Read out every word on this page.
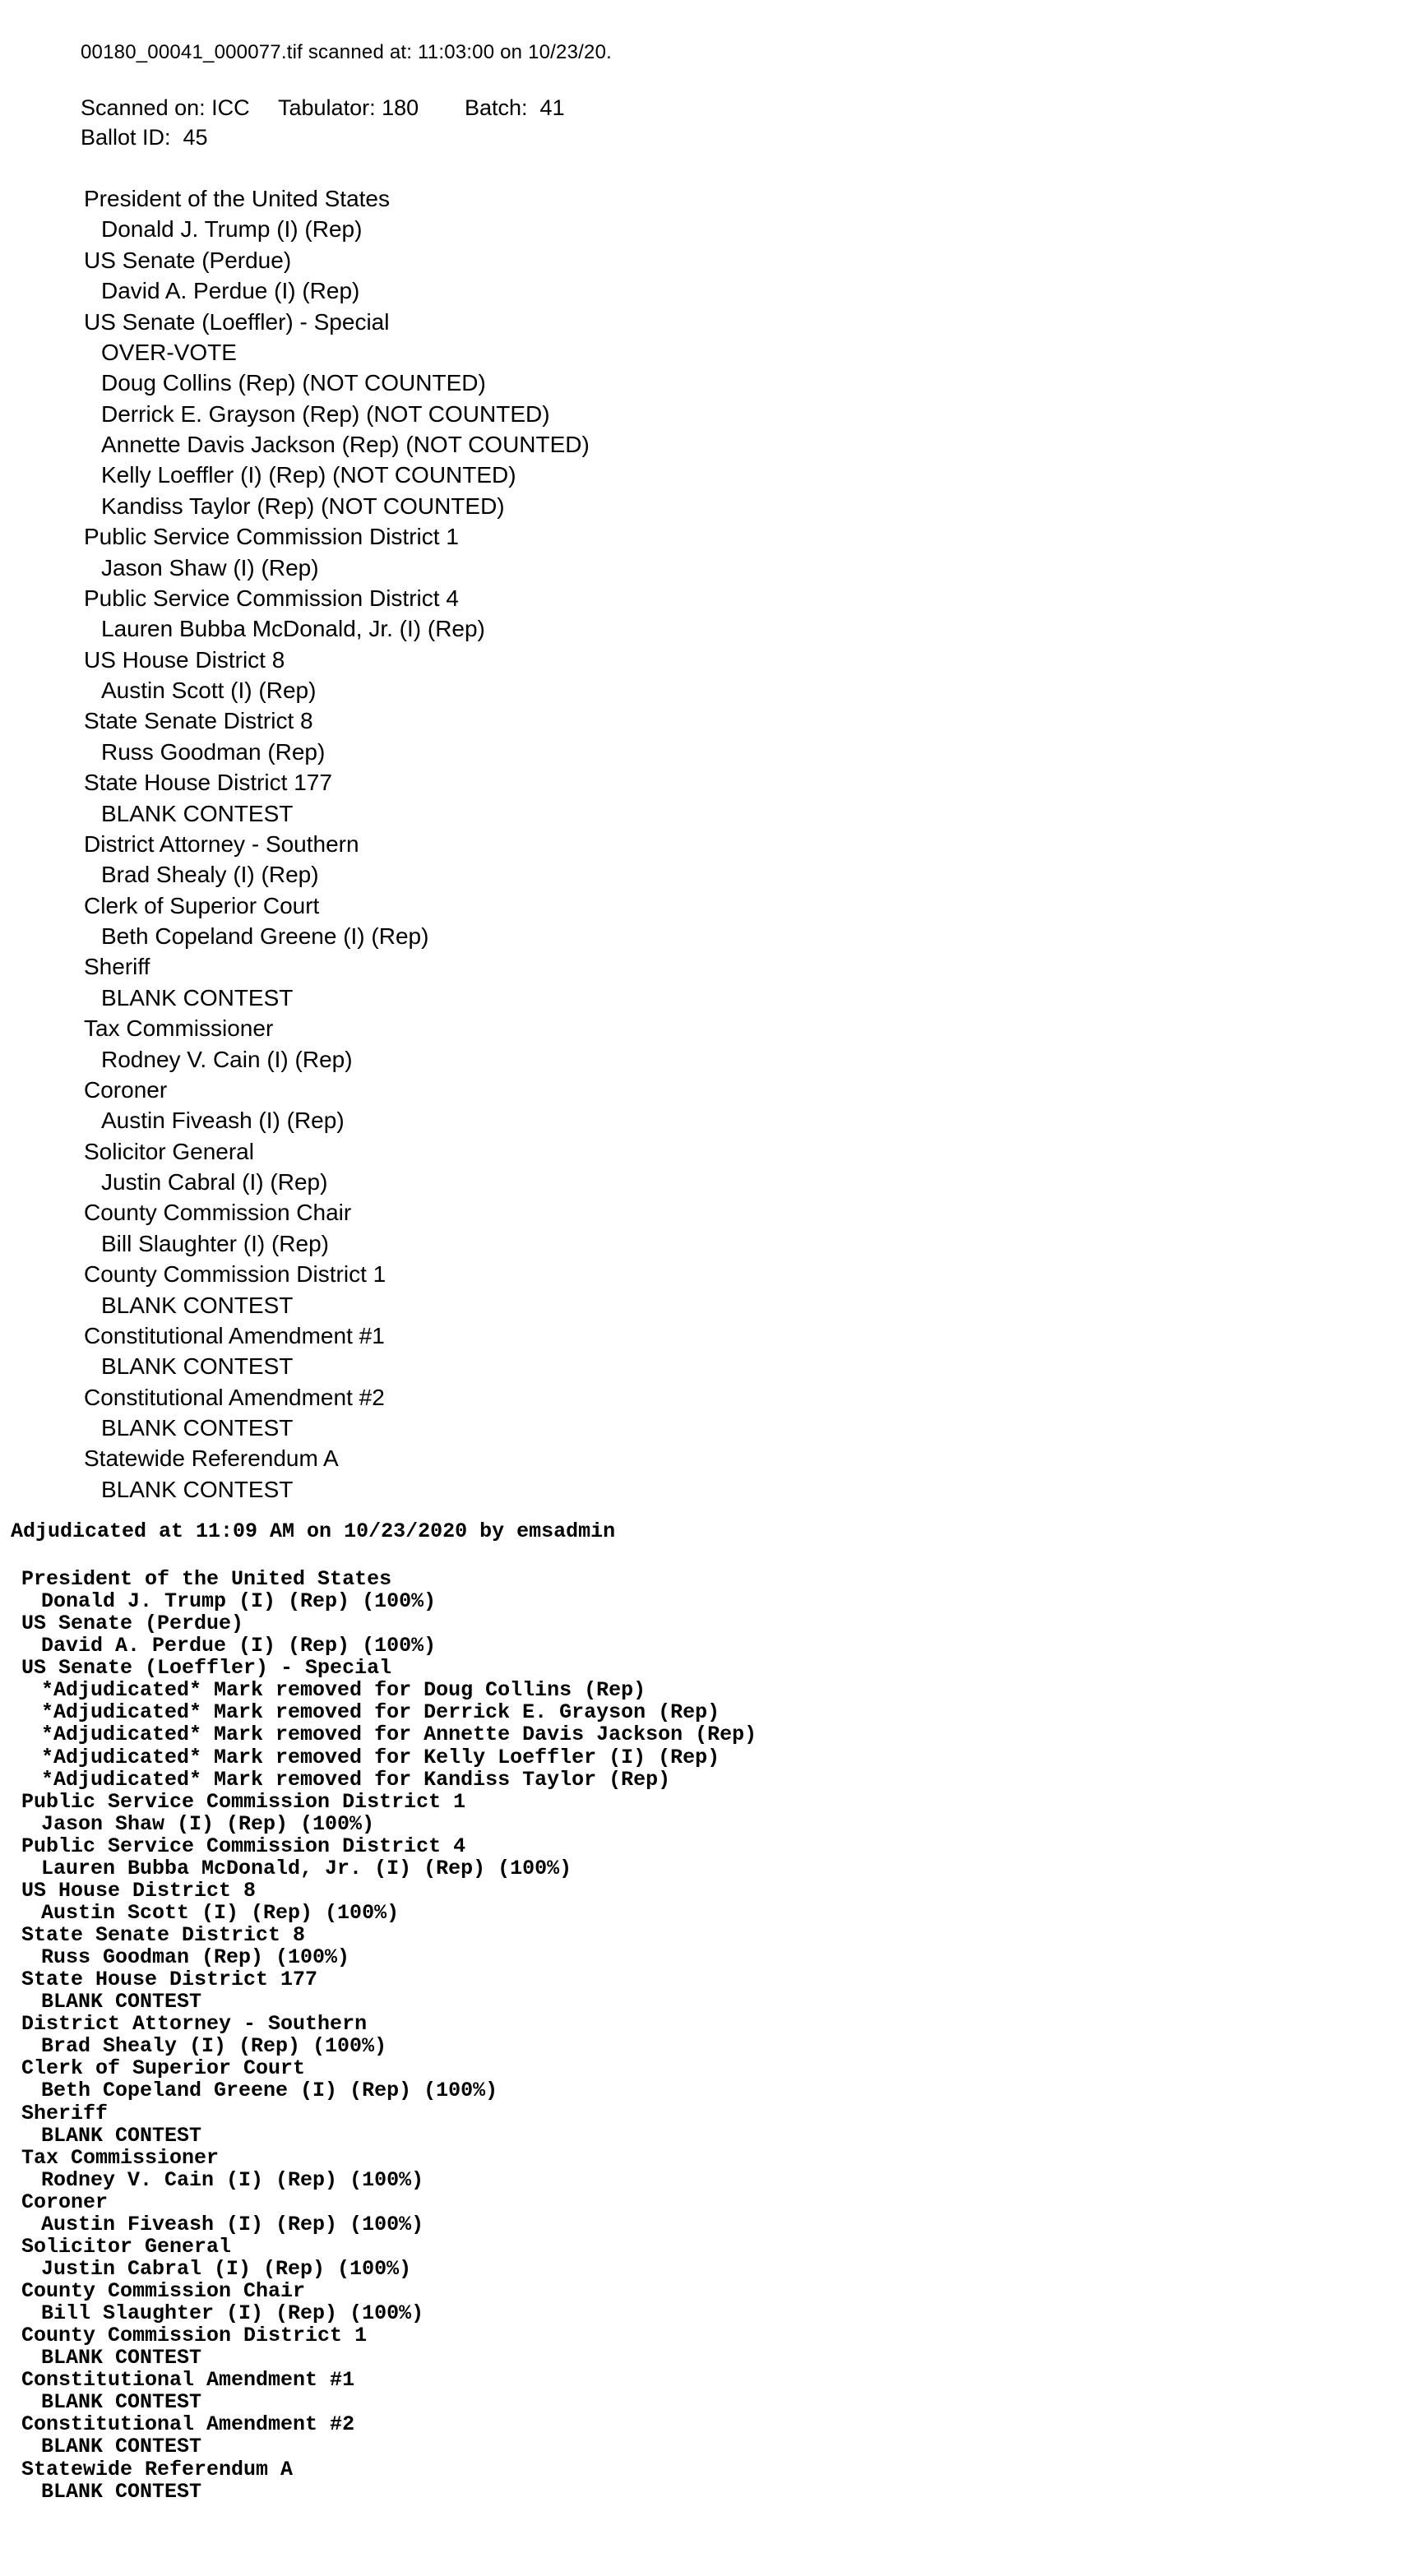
00180_00041_000077.tif scanned at: 11:03:00 on 10/23/20.
Scanned on: ICC Tabulator: 180 Batch:  41
Ballot ID:  45
President of the United States
Donald J. Trump (I) (Rep)
US Senate (Perdue)
David A. Perdue (I) (Rep)
US Senate (Loeffler) - Special
OVER-VOTE
Doug Collins (Rep) (NOT COUNTED)
Derrick E. Grayson (Rep) (NOT COUNTED)
Annette Davis Jackson (Rep) (NOT COUNTED)
Kelly Loeffler (I) (Rep) (NOT COUNTED)
Kandiss Taylor (Rep) (NOT COUNTED)
Public Service Commission District 1
Jason Shaw (I) (Rep)
Public Service Commission District 4
Lauren Bubba McDonald, Jr. (I) (Rep)
US House District 8
Austin Scott (I) (Rep)
State Senate District 8
Russ Goodman (Rep)
State House District 177
BLANK CONTEST
District Attorney - Southern
Brad Shealy (I) (Rep)
Clerk of Superior Court
Beth Copeland Greene (I) (Rep)
Sheriff
BLANK CONTEST
Tax Commissioner
Rodney V. Cain (I) (Rep)
Coroner
Austin Fiveash (I) (Rep)
Solicitor General
Justin Cabral (I) (Rep)
County Commission Chair
Bill Slaughter (I) (Rep)
County Commission District 1
BLANK CONTEST
Constitutional Amendment #1
BLANK CONTEST
Constitutional Amendment #2
BLANK CONTEST
Statewide Referendum A
BLANK CONTEST
Adjudicated at 11:09 AM on 10/23/2020 by emsadmin
President of the United States
Donald J. Trump (I) (Rep) (100%)
US Senate (Perdue)
David A. Perdue (I) (Rep) (100%)
US Senate (Loeffler) - Special
*Adjudicated* Mark removed for Doug Collins (Rep)
*Adjudicated* Mark removed for Derrick E. Grayson (Rep)
*Adjudicated* Mark removed for Annette Davis Jackson (Rep)
*Adjudicated* Mark removed for Kelly Loeffler (I) (Rep)
*Adjudicated* Mark removed for Kandiss Taylor (Rep)
Public Service Commission District 1
Jason Shaw (I) (Rep) (100%)
Public Service Commission District 4
Lauren Bubba McDonald, Jr. (I) (Rep) (100%)
US House District 8
Austin Scott (I) (Rep) (100%)
State Senate District 8
Russ Goodman (Rep) (100%)
State House District 177
BLANK CONTEST
District Attorney - Southern
Brad Shealy (I) (Rep) (100%)
Clerk of Superior Court
Beth Copeland Greene (I) (Rep) (100%)
Sheriff
BLANK CONTEST
Tax Commissioner
Rodney V. Cain (I) (Rep) (100%)
Coroner
Austin Fiveash (I) (Rep) (100%)
Solicitor General
Justin Cabral (I) (Rep) (100%)
County Commission Chair
Bill Slaughter (I) (Rep) (100%)
County Commission District 1
BLANK CONTEST
Constitutional Amendment #1
BLANK CONTEST
Constitutional Amendment #2
BLANK CONTEST
Statewide Referendum A
BLANK CONTEST
